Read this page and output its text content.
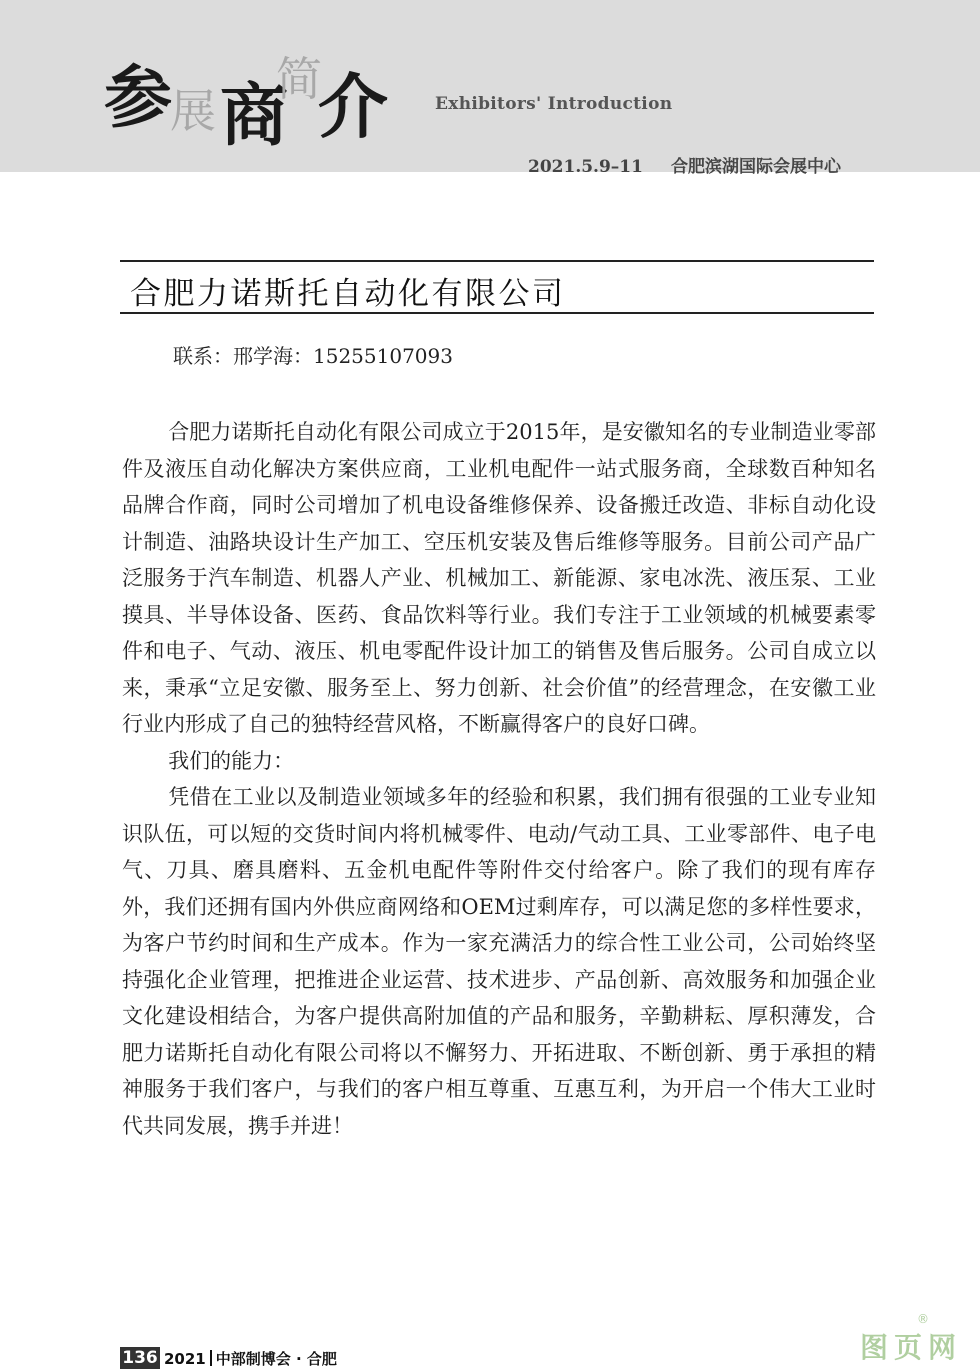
参
展 商
简
介	Exhibitors' Introduction
2021.5.9–11 合肥滨湖国际会展中心
合肥力诺斯托自动化有限公司
联系：邢学海：15255107093

合肥力诺斯托自动化有限公司成立于2015年，是安徽知名的专业制造业零部件及液压自动化解决方案供应商，工业机电配件一站式服务商，全球数百种知名品牌合作商，同时公司增加了机电设备维修保养、设备搬迁改造、非标自动化设计制造、油路块设计生产加工、空压机安装及售后维修等服务。目前公司产品广泛服务于汽车制造、机器人产业、机械加工、新能源、家电冰洗、液压泵、工业摸具、半导体设备、医药、食品饮料等行业。我们专注于工业领域的机械要素零件和电子、气动、液压、机电零配件设计加工的销售及售后服务。公司自成立以来，秉承“立足安徽、服务至上、努力创新、社会价值”的经营理念，在安徽工业行业内形成了自己的独特经营风格，不断赢得客户的良好口碑。

我们的能力：

凭借在工业以及制造业领域多年的经验和积累，我们拥有很强的工业专业知识队伍，可以短的交货时间内将机械零件、电动/气动工具、工业零部件、电子电气、刀具、磨具磨料、五金机电配件等附件交付给客户。除了我们的现有库存外，我们还拥有国内外供应商网络和OEM过剩库存，可以满足您的多样性要求，为客户节约时间和生产成本。作为一家充满活力的综合性工业公司，公司始终坚持强化企业管理，把推进企业运营、技术进步、产品创新、高效服务和加强企业文化建设相结合，为客户提供高附加值的产品和服务，辛勤耕耘、厚积薄发，合肥力诺斯托自动化有限公司将以不懈努力、开拓进取、不断创新、勇于承担的精神服务于我们客户，与我们的客户相互尊重、互惠互利，为开启一个伟大工业时代共同发展，携手并进！

136 2021 中部制博会 · 合肥	图页网
®
